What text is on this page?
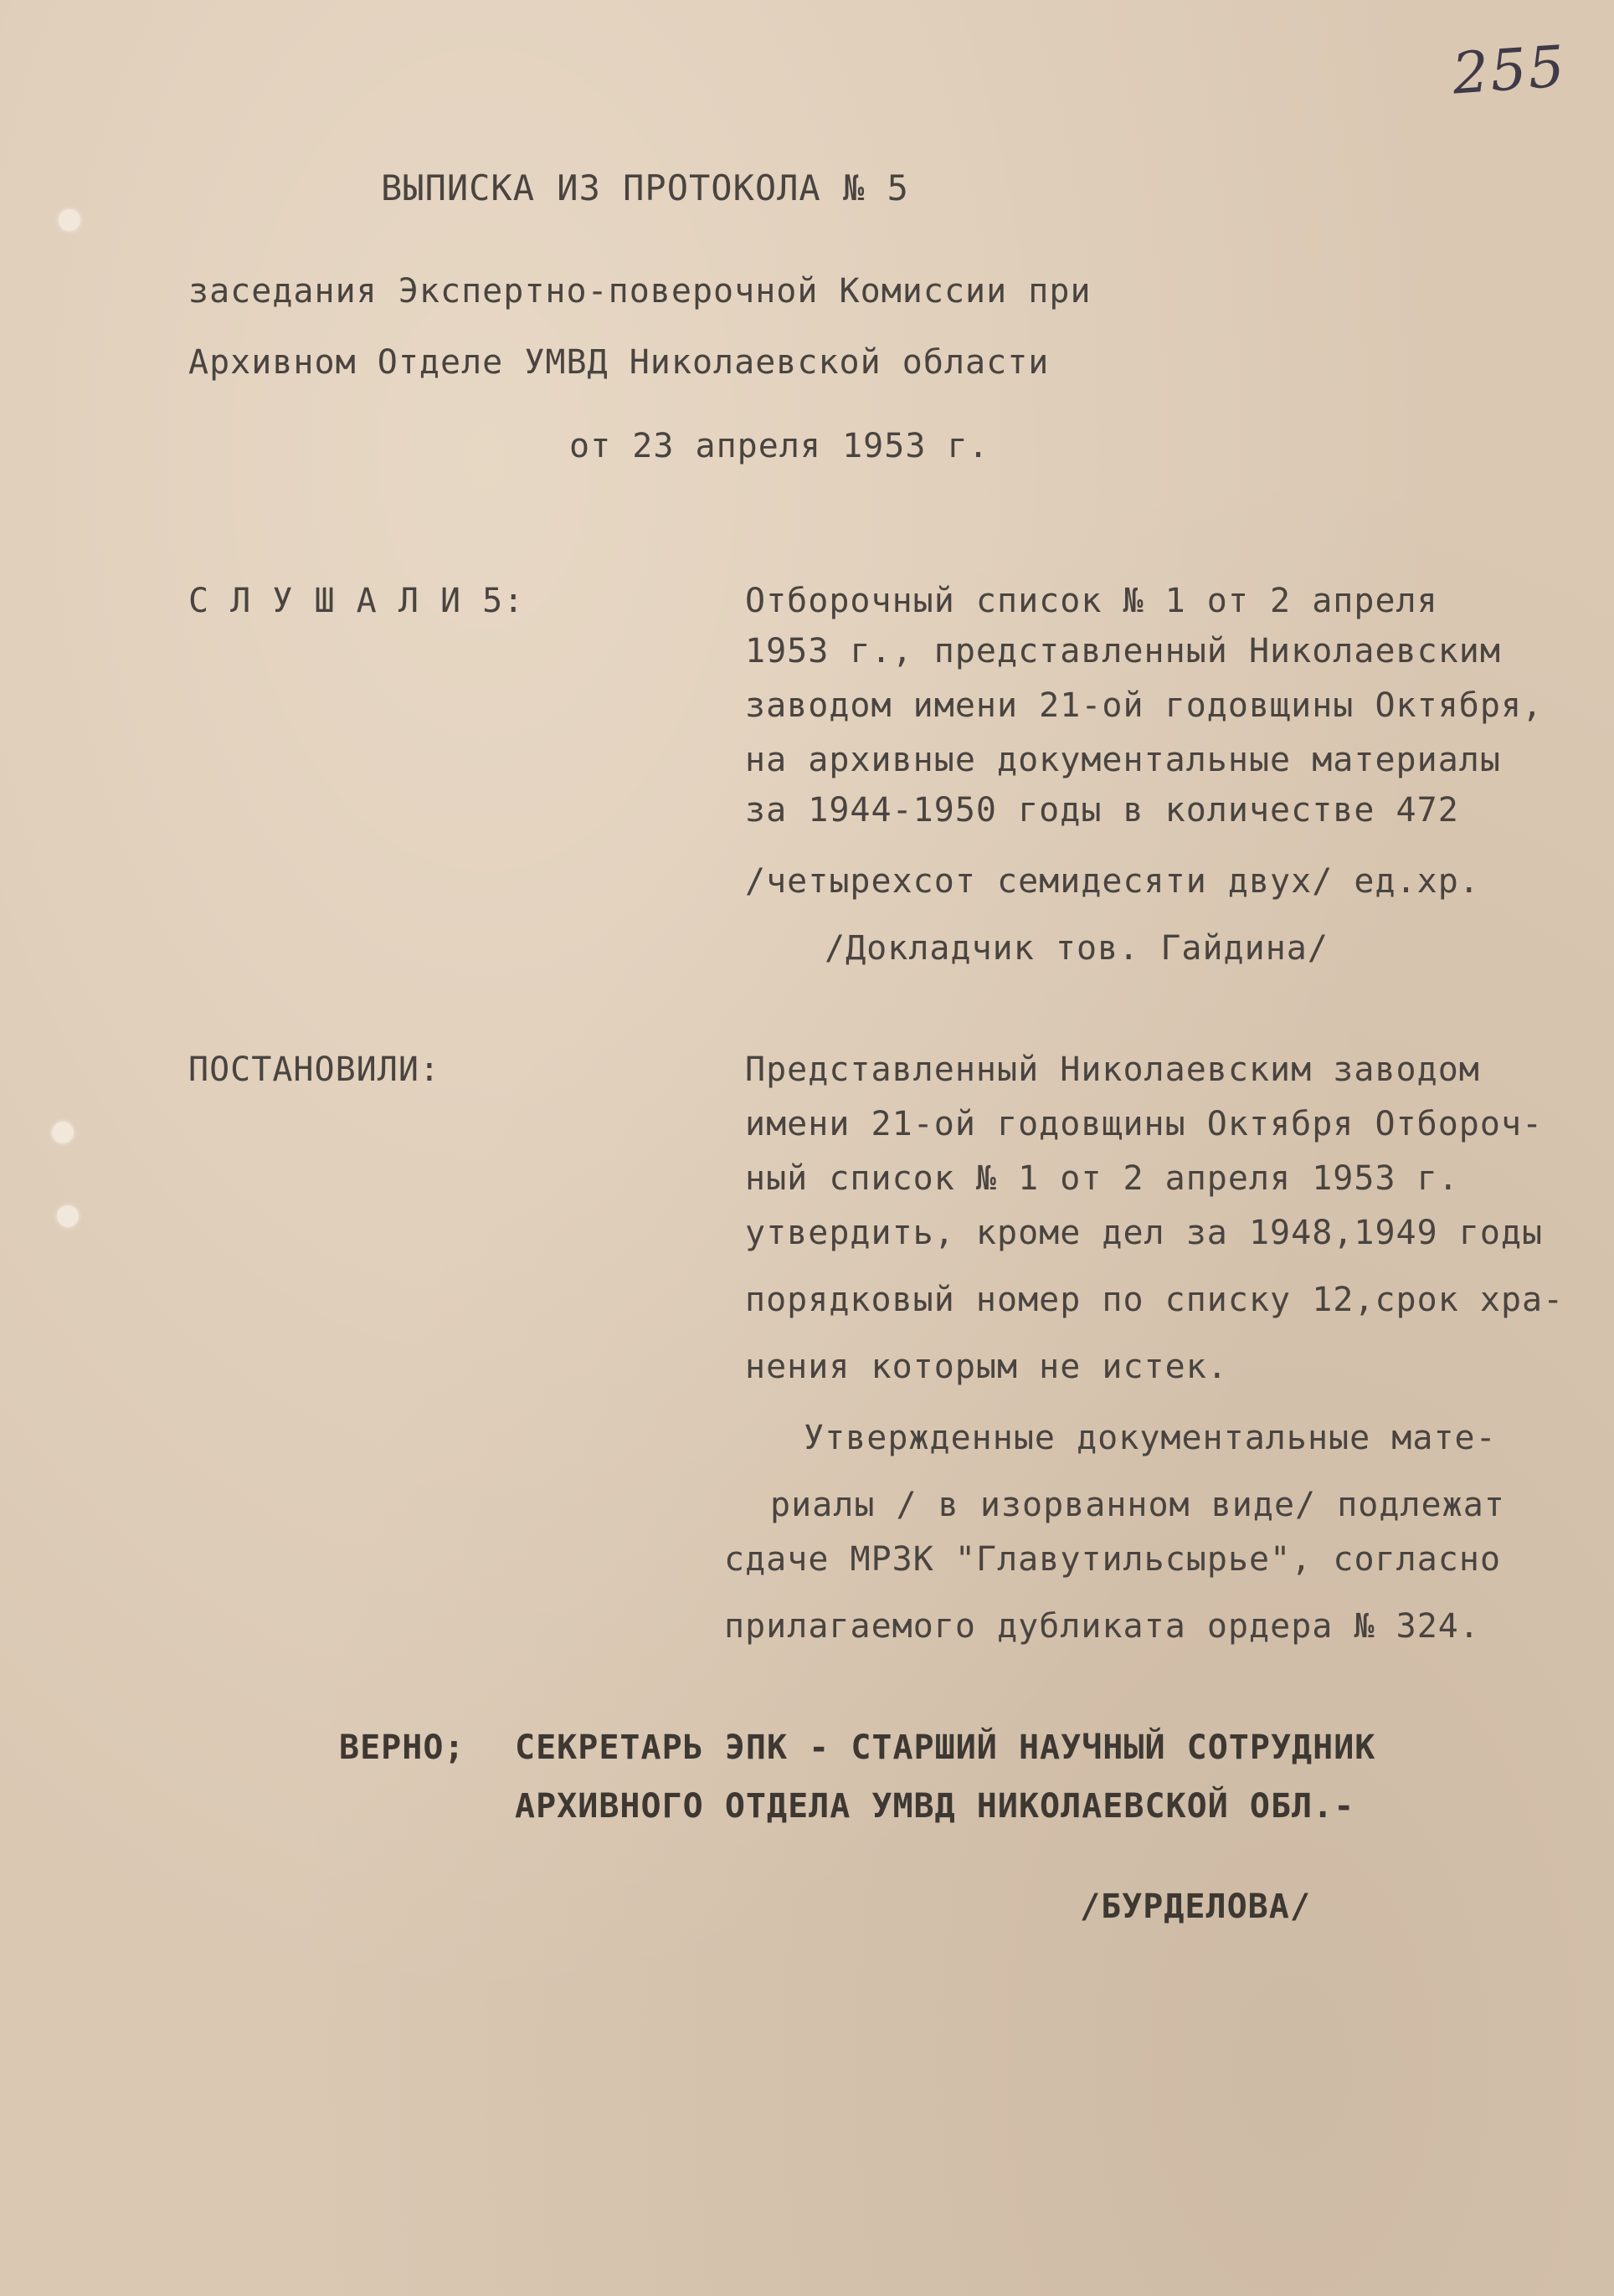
255
ВЫПИСКА ИЗ ПРОТОКОЛА № 5
заседания Экспертно-поверочной Комиссии при
Архивном Отделе УМВД Николаевской области
от 23 апреля 1953 г.
С Л У Ш А Л И 5:	Отборочный список № 1 от 2 апреля
1953 г., представленный Николаевским
заводом имени 21-ой годовщины Октября,
на архивные документальные материалы
за 1944-1950 годы в количестве 472
/четырехсот семидесяти двух/ ед.хр.
/Докладчик тов. Гайдина/
ПОСТАНОВИЛИ:	Представленный Николаевским заводом
имени 21-ой годовщины Октября Отбороч-
ный список № 1 от 2 апреля 1953 г.
утвердить, кроме дел за 1948,1949 годы
порядковый номер по списку 12,срок хра-
нения которым не истек.
Утвержденные документальные мате-
риалы / в изорванном виде/ подлежат
сдаче МРЗК "Главутильсырье", согласно
прилагаемого дубликата ордера № 324.
ВЕРНО; СЕКРЕТАРЬ ЭПК - СТАРШИЙ НАУЧНЫЙ СОТРУДНИК
АРХИВНОГО ОТДЕЛА УМВД НИКОЛАЕВСКОЙ ОБЛ.-
/БУРДЕЛОВА/
